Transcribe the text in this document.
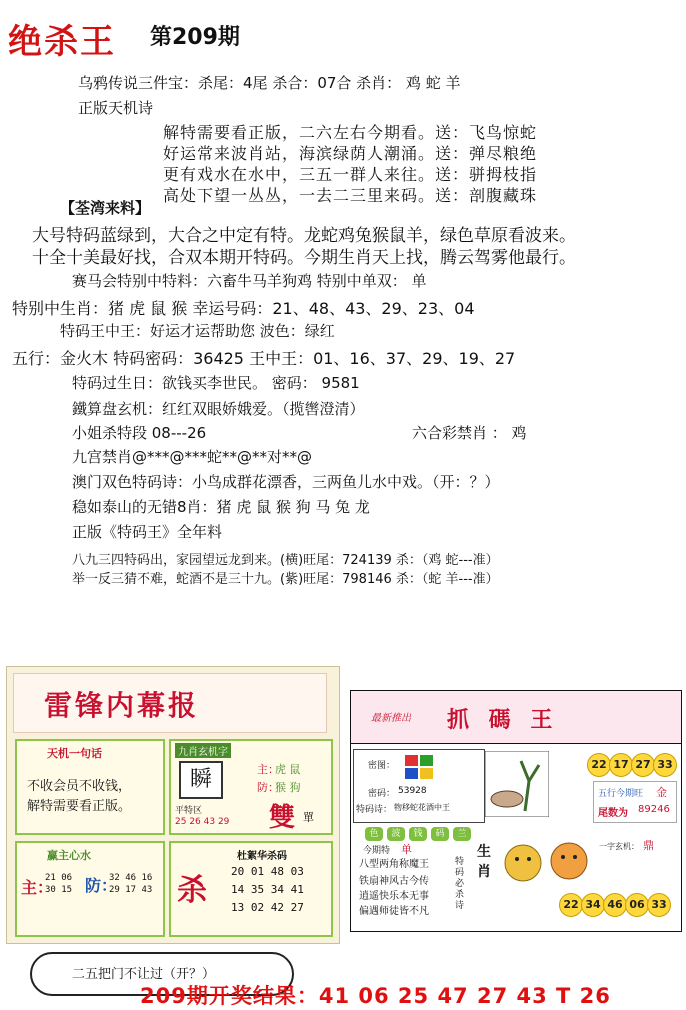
绝杀王 第209期
乌鸦传说三件宝：杀尾：4尾 杀合：07合 杀肖： 鸡 蛇 羊
正版天机诗
解特需要看正版，二六左右今期看。送：飞鸟惊蛇
好运常来波肖站，海滨绿荫人潮涌。送：弹尽粮绝
更有戏水在水中，三五一群人来往。送：骈拇枝指
高处下望一丛丛，一去二三里来码。送：剖腹藏珠
【荃湾来料】
大号特码蓝绿到，大合之中定有特。龙蛇鸡兔猴鼠羊，绿色草原看波来。
十全十美最好找，合双本期开特码。今期生肖天上找，腾云驾雾他最行。
赛马会特别中特料：六畜牛马羊狗鸡 特别中单双： 单
特别中生肖：猪 虎 鼠 猴 幸运号码：21、48、43、29、23、04
特码王中王：好运才运帮助您 波色：绿红
五行：金火木 特码密码：36425 王中王：01、16、37、29、19、27
特码过生日：欲钱买李世民。 密码： 9581
鐵算盘玄机：红红双眼娇娥爱。（揽辔澄清）
小姐杀特段 08---26	六合彩禁肖 ： 鸡
九宫禁肖@***@***蛇**@**对**@
澳门双色特码诗：小鸟成群花漂香，三两鱼儿水中戏。（开：？）
稳如泰山的无错8肖：猪 虎 鼠 猴 狗 马 兔 龙
正版《特码王》全年料
八九三四特码出，家园望远龙到来。(横)旺尾：724139 杀：（鸡 蛇---准）
举一反三猜不难，蛇酒不是三十九。(紫)旺尾：798146 杀：（蛇 羊---准）
雷锋内幕报
天机一句话
不收会员不收钱，
解特需要看正版。
九肖玄机字
瞬	主：
虎 鼠
防：
猴 狗
平特区
25 26 43 29 雙 單
赢主心水
主：
21 06
30 15 防：
32 46 16
29 17 43 杀
杜絮华杀码
20 01 48 03
14 35 34 41
13 02 42 27
最新推出 抓 碼 王
密图：
密码： 53928
特码诗： 物移蛇花酒中王
22 17 27 33
五行今期旺 金
尾数为 89246
色	波	钱	码	兰
今期特 单
八型两角称魔王
铁扇神风古今传
逍遥快乐本无事
偏遇师徒皆不凡
特码必杀诗
生
肖
一字玄机： 鼎
22 34 46 06 33
二五把门不让过（开？）
209期开奖结果：41 06 25 47 27 43 T 26
